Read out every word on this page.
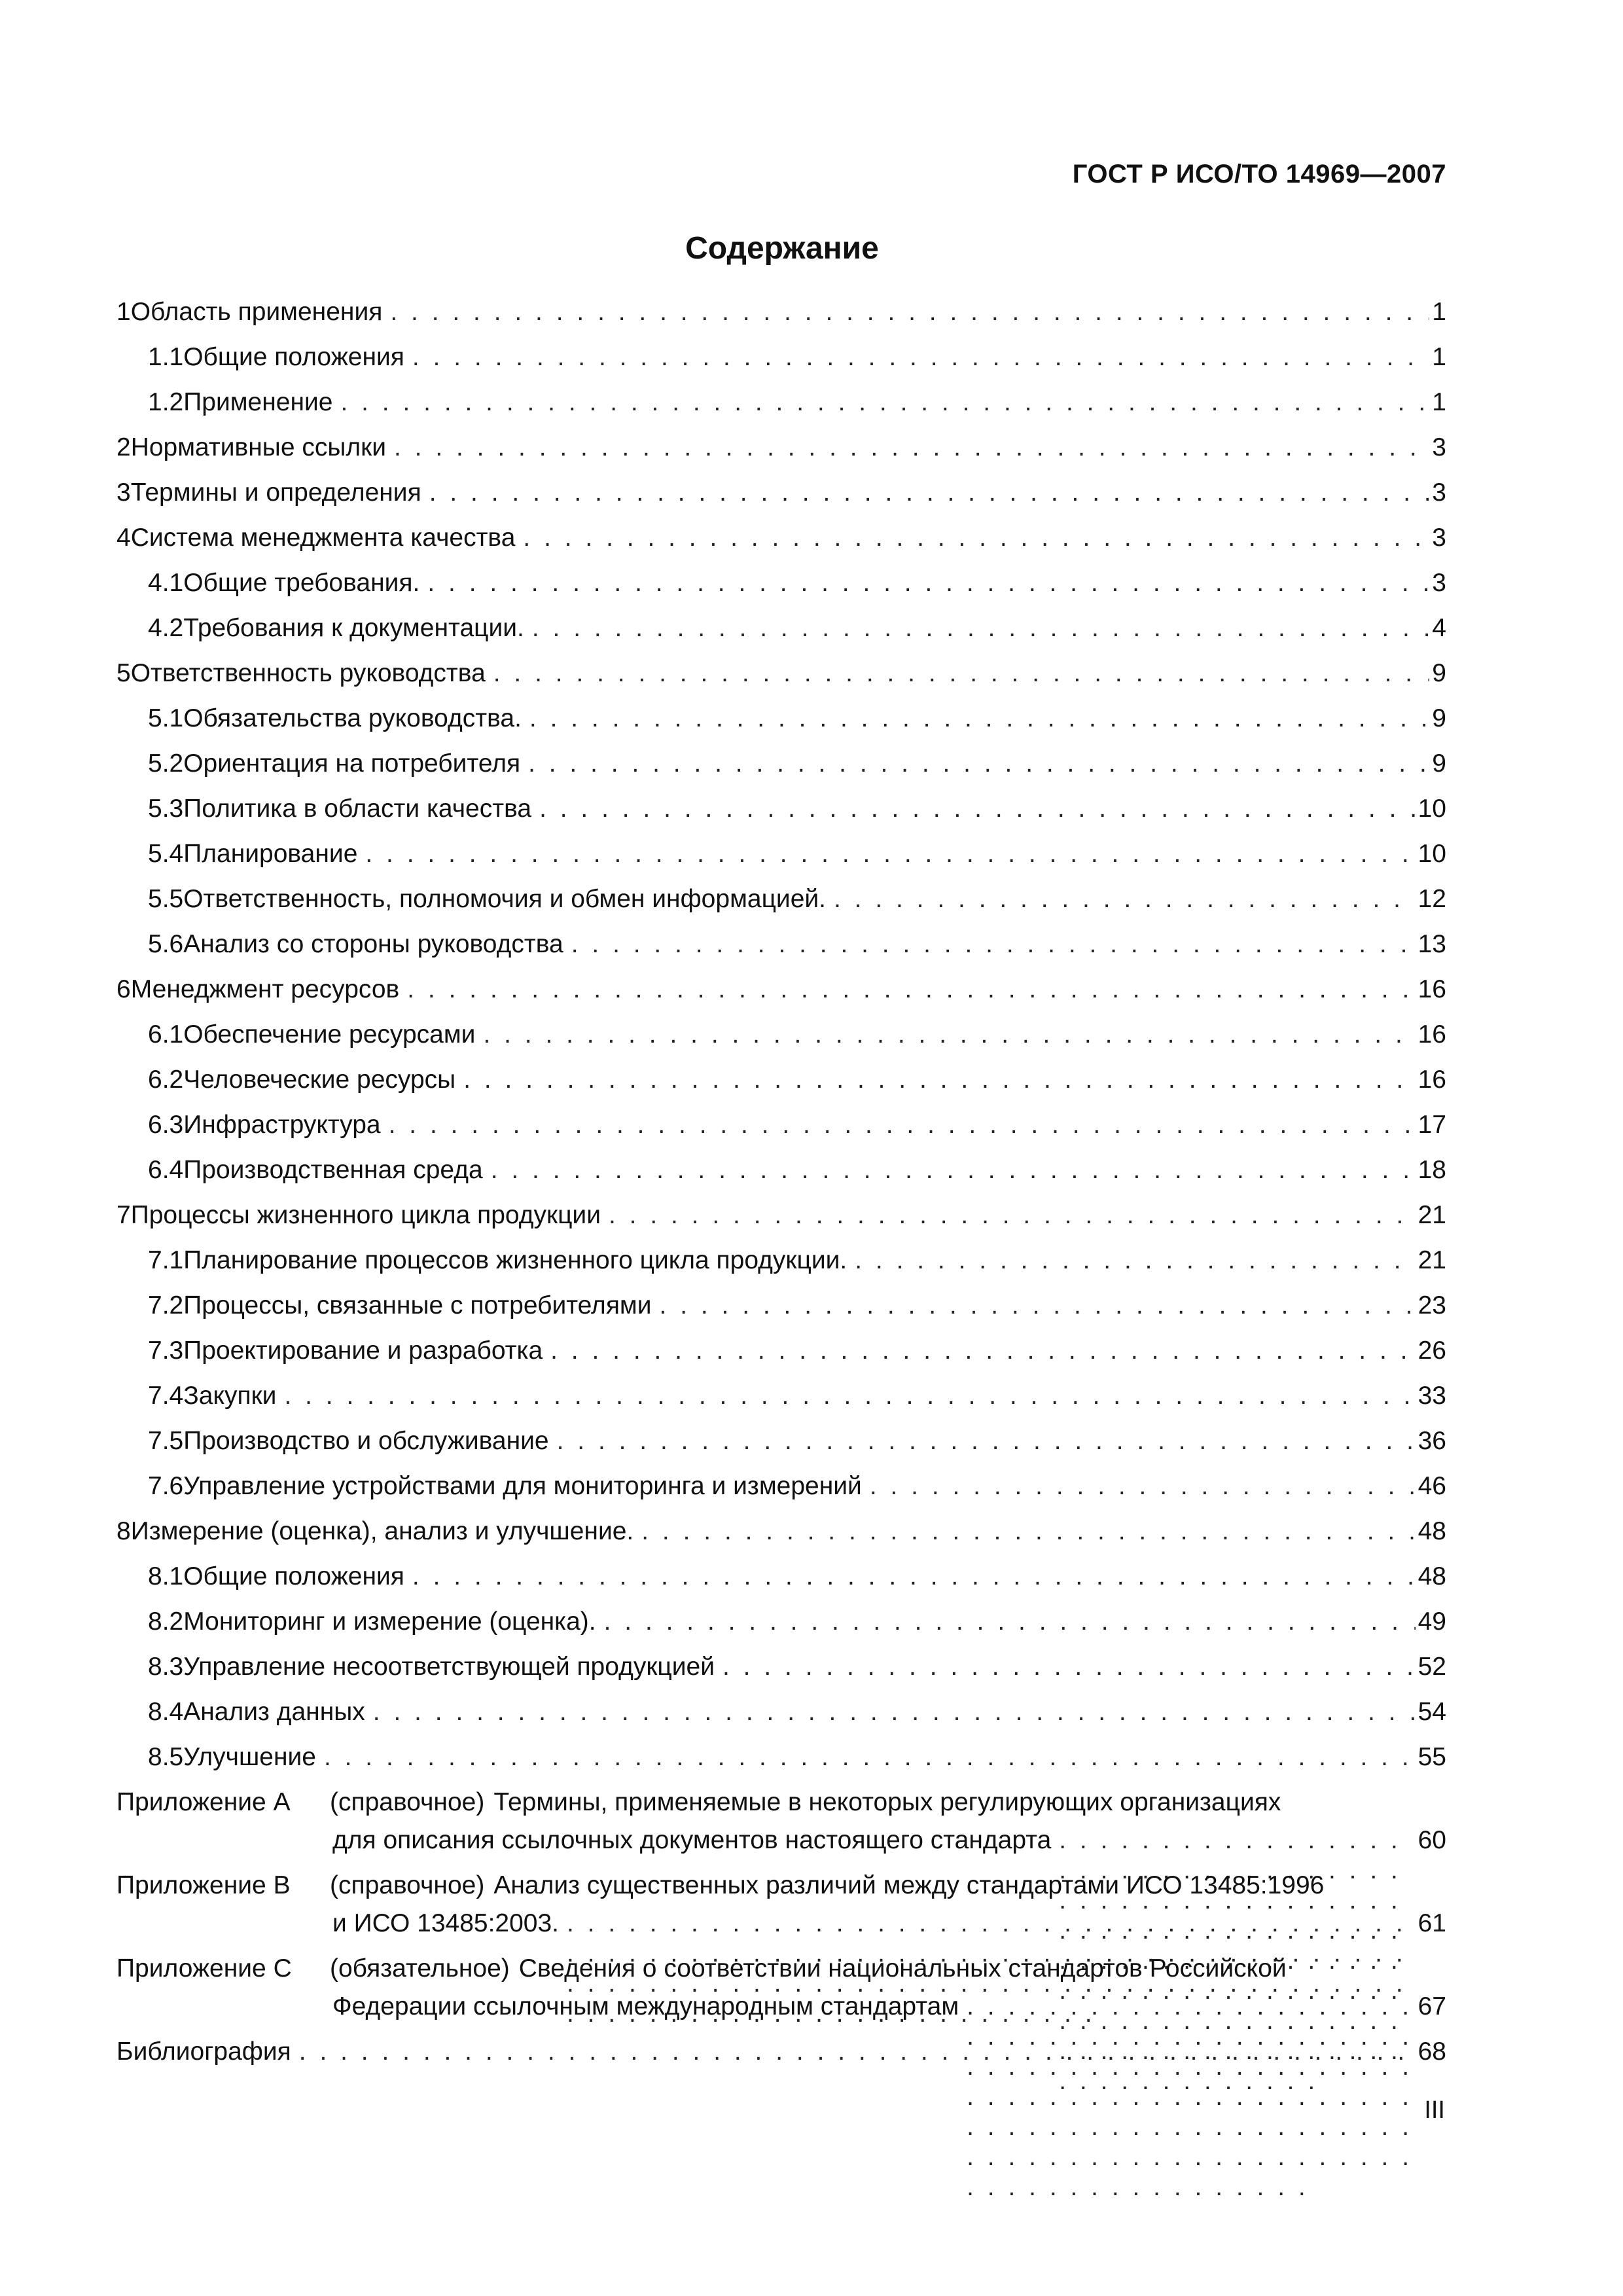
ГОСТ Р ИСО/ТО 14969—2007
Содержание
1 Область применения . . .	1
1.1 Общие положения . . .	1
1.2 Применение . . .	1
2 Нормативные ссылки . . .	3
3 Термины и определения . . .	3
4 Система менеджмента качества . . .	3
4.1 Общие требования. . . .	3
4.2 Требования к документации. . . .	4
5 Ответственность руководства . . .	9
5.1 Обязательства руководства. . . .	9
5.2 Ориентация на потребителя . . .	9
5.3 Политика в области качества . . .	10
5.4 Планирование . . .	10
5.5 Ответственность, полномочия и обмен информацией. . . .	12
5.6 Анализ со стороны руководства . . .	13
6 Менеджмент ресурсов . . .	16
6.1 Обеспечение ресурсами . . .	16
6.2 Человеческие ресурсы . . .	16
6.3 Инфраструктура . . .	17
6.4 Производственная среда . . .	18
7 Процессы жизненного цикла продукции . . .	21
7.1 Планирование процессов жизненного цикла продукции. . . .	21
7.2 Процессы, связанные с потребителями . . .	23
7.3 Проектирование и разработка . . .	26
7.4 Закупки . . .	33
7.5 Производство и обслуживание . . .	36
7.6 Управление устройствами для мониторинга и измерений . . .	46
8 Измерение (оценка), анализ и улучшение. . . .	48
8.1 Общие положения . . .	48
8.2 Мониторинг и измерение (оценка). . . .	49
8.3 Управление несоответствующей продукцией . . .	52
8.4 Анализ данных . . .	54
8.5 Улучшение . . .	55
Приложение А (справочное) Термины, применяемые в некоторых регулирующих организациях
для описания ссылочных документов настоящего стандарта . . .	60
Приложение В (справочное) Анализ существенных различий между стандартами ИСО 13485:1996
и ИСО 13485:2003. . . .	61
Приложение С (обязательное) Сведения о соответствии национальных стандартов Российской
Федерации ссылочным международным стандартам . . .	67
Библиография . . .	68
III
